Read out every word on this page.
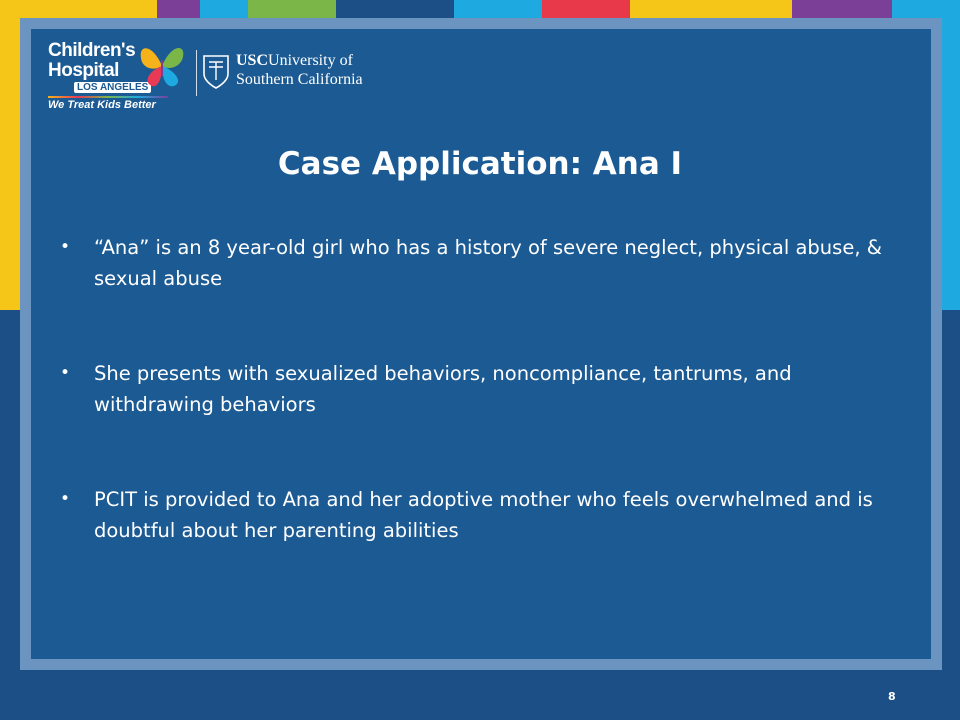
Children's
Hospital
LOS ANGELES
We Treat Kids Better
USCUniversity of
Southern California
Case Application: Ana I
• “Ana” is an 8 year-old girl who has a history of severe neglect, physical abuse, & sexual abuse
• She presents with sexualized behaviors, noncompliance, tantrums, and withdrawing behaviors
• PCIT is provided to Ana and her adoptive mother who feels overwhelmed and is doubtful about her parenting abilities
8
